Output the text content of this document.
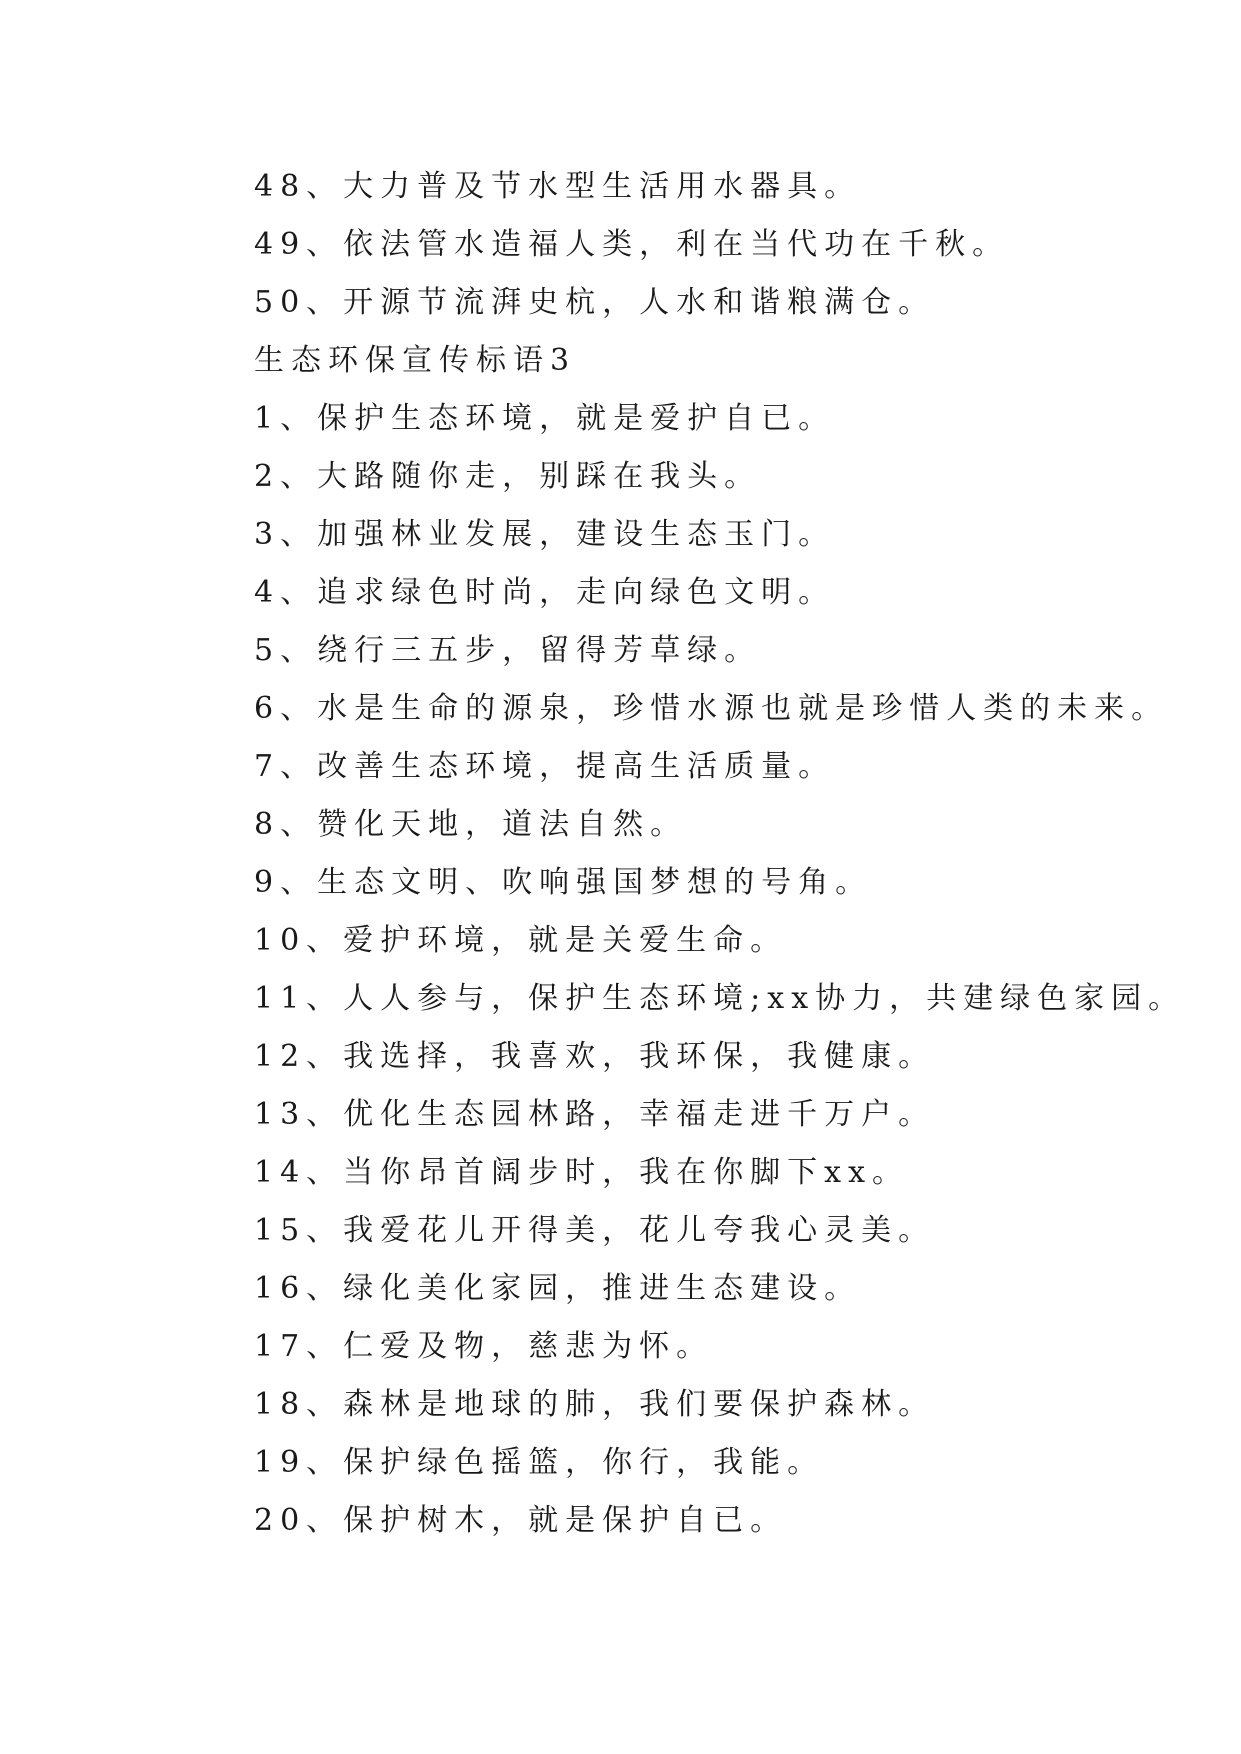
48、大力普及节水型生活用水器具。
49、依法管水造福人类，利在当代功在千秋。
50、开源节流湃史杭，人水和谐粮满仓。
生态环保宣传标语3
1、保护生态环境，就是爱护自已。
2、大路随你走，别踩在我头。
3、加强林业发展，建设生态玉门。
4、追求绿色时尚，走向绿色文明。
5、绕行三五步，留得芳草绿。
6、水是生命的源泉，珍惜水源也就是珍惜人类的未来。
7、改善生态环境，提高生活质量。
8、赞化天地，道法自然。
9、生态文明、吹响强国梦想的号角。
10、爱护环境，就是关爱生命。
11、人人参与，保护生态环境;xx协力，共建绿色家园。
12、我选择，我喜欢，我环保，我健康。
13、优化生态园林路，幸福走进千万户。
14、当你昂首阔步时，我在你脚下xx。
15、我爱花儿开得美，花儿夸我心灵美。
16、绿化美化家园，推进生态建设。
17、仁爱及物，慈悲为怀。
18、森林是地球的肺，我们要保护森林。
19、保护绿色摇篮，你行，我能。
20、保护树木，就是保护自已。
